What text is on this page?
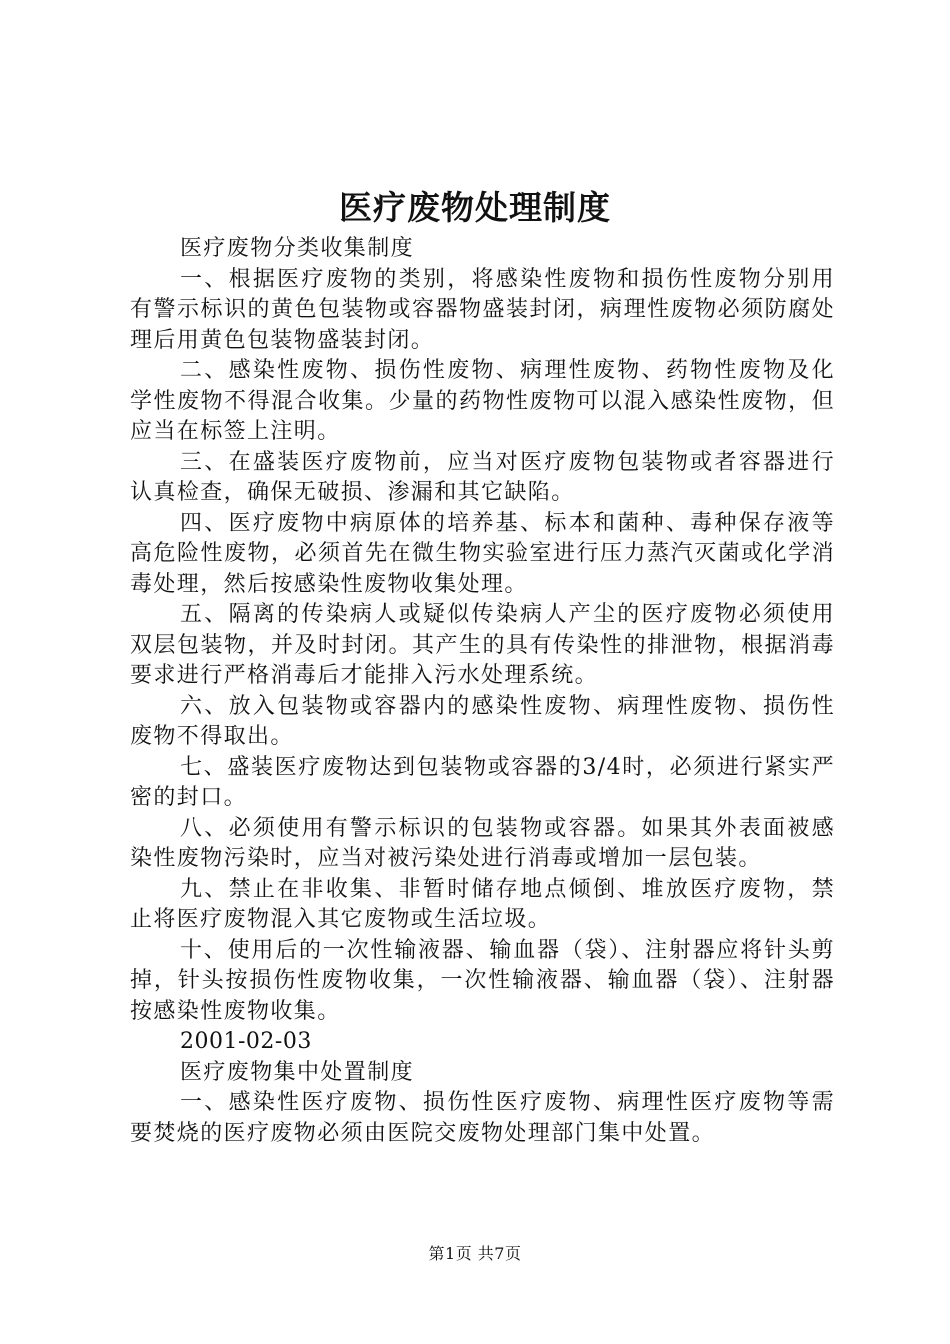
医疗废物处理制度

医疗废物分类收集制度

一、根据医疗废物的类别，将感染性废物和损伤性废物分别用有警示标识的黄色包装物或容器物盛装封闭，病理性废物必须防腐处理后用黄色包装物盛装封闭。

二、感染性废物、损伤性废物、病理性废物、药物性废物及化学性废物不得混合收集。少量的药物性废物可以混入感染性废物，但应当在标签上注明。

三、在盛装医疗废物前，应当对医疗废物包装物或者容器进行认真检查，确保无破损、渗漏和其它缺陷。

四、医疗废物中病原体的培养基、标本和菌种、毒种保存液等高危险性废物，必须首先在微生物实验室进行压力蒸汽灭菌或化学消毒处理，然后按感染性废物收集处理。

五、隔离的传染病人或疑似传染病人产尘的医疗废物必须使用双层包装物，并及时封闭。其产生的具有传染性的排泄物，根据消毒要求进行严格消毒后才能排入污水处理系统。

六、放入包装物或容器内的感染性废物、病理性废物、损伤性废物不得取出。

七、盛装医疗废物达到包装物或容器的3/4时，必须进行紧实严密的封口。

八、必须使用有警示标识的包装物或容器。如果其外表面被感染性废物污染时，应当对被污染处进行消毒或增加一层包装。

九、禁止在非收集、非暂时储存地点倾倒、堆放医疗废物，禁止将医疗废物混入其它废物或生活垃圾。

十、使用后的一次性输液器、输血器（袋）、注射器应将针头剪掉，针头按损伤性废物收集，一次性输液器、输血器（袋）、注射器按感染性废物收集。

2001-02-03

医疗废物集中处置制度

一、感染性医疗废物、损伤性医疗废物、病理性医疗废物等需要焚烧的医疗废物必须由医院交废物处理部门集中处置。

第1页 共7页
